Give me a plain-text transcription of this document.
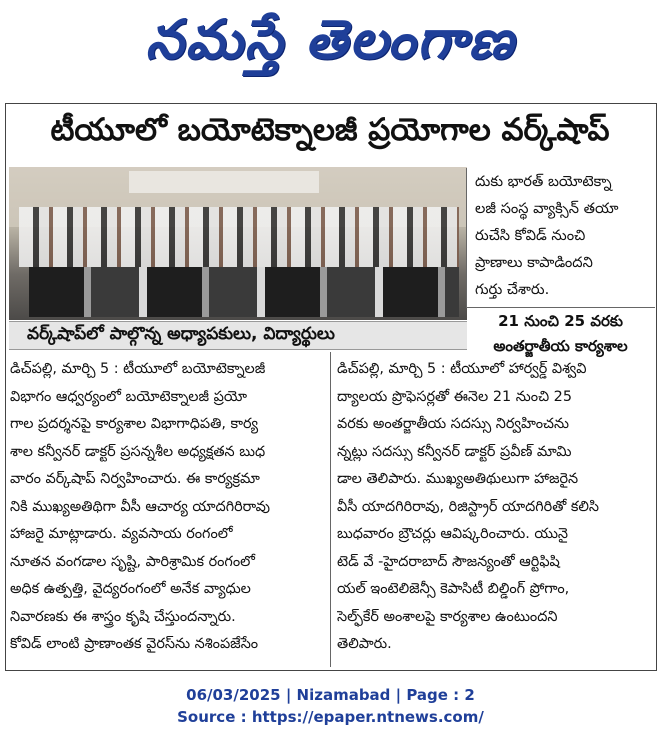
నమస్తే తెలంగాణ
టీయూలో బయోటెక్నాలజీ ప్రయోగాల వర్క్‌షాప్
వర్క్‌షాప్‌లో పాల్గొన్న అధ్యాపకులు, విద్యార్థులు
దుకు భారత్ బయోటెక్నా
లజీ సంస్థ వ్యాక్సిన్ తయా
రుచేసి కోవిడ్ నుంచి
ప్రాణాలు కాపాడిందని
గుర్తు చేశారు.
21 నుంచి 25 వరకు
అంతర్జాతీయ కార్యశాల
డిచ్‌పల్లి, మార్చి 5 : టీయూలో బయోటెక్నాలజీ
విభాగం ఆధ్వర్యంలో బయోటెక్నాలజీ ప్రయో
గాల ప్రదర్శనపై కార్యశాల విభాగాధిపతి, కార్య
శాల కన్వీనర్ డాక్టర్ ప్రసన్నశీల అధ్యక్షతన బుధ
వారం వర్క్‌షాప్ నిర్వహించారు. ఈ కార్యక్రమా
నికి ముఖ్యఅతిథిగా వీసీ ఆచార్య యాదగిరిరావు
హాజరై మాట్లాడారు. వ్యవసాయ రంగంలో
నూతన వంగడాల సృష్టి, పారిశ్రామిక రంగంలో
అధిక ఉత్పత్తి, వైద్యరంగంలో అనేక వ్యాధుల
నివారణకు ఈ శాస్త్రం కృషి చేస్తుందన్నారు.
కోవిడ్ లాంటి ప్రాణాంతక వైరస్‌ను నశింపజేసేం
డిచ్‌పల్లి, మార్చి 5 : టీయూలో హార్వర్డ్ విశ్వవి
ద్యాలయ ప్రొఫెసర్లతో ఈనెల 21 నుంచి 25
వరకు అంతర్జాతీయ సదస్సు నిర్వహించను
న్నట్లు సదస్సు కన్వీనర్ డాక్టర్ ప్రవీణ్ మామి
డాల తెలిపారు. ముఖ్యఅతిథులుగా హాజరైన
వీసీ యాదగిరిరావు, రిజిస్ట్రార్ యాదగిరితో కలిసి
బుధవారం బ్రౌచర్లు ఆవిష్కరించారు. యునై
టెడ్ వే -హైదరాబాద్ సౌజన్యంతో ఆర్టిఫిషి
యల్ ఇంటెలిజెన్సీ కెపాసిటీ బిల్డింగ్ ప్రోగాం,
సెల్ఫ్‌కేర్ అంశాలపై కార్యశాల ఉంటుందని
తెలిపారు.
06/03/2025 | Nizamabad | Page : 2
Source : https://epaper.ntnews.com/
